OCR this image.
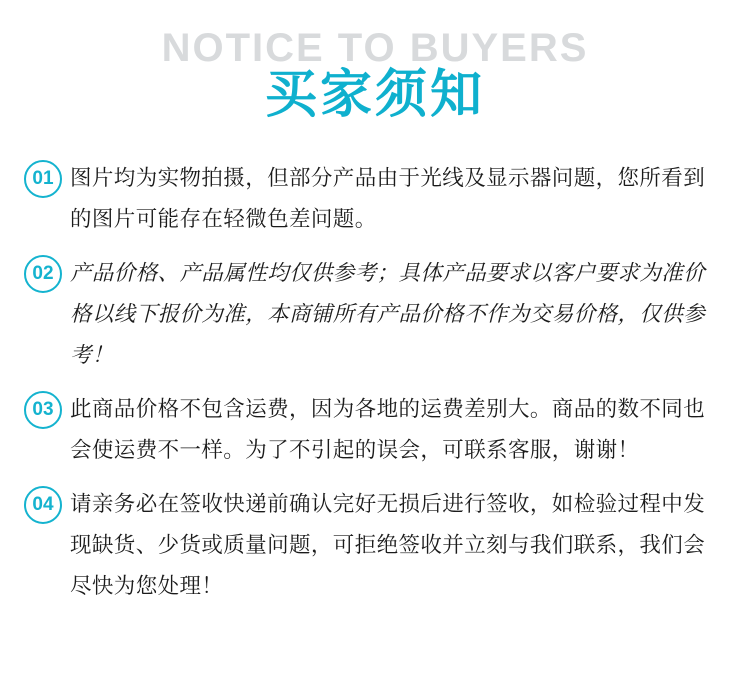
NOTICE TO BUYERS
买家须知
01 图片均为实物拍摄，但部分产品由于光线及显示器问题，您所看到的图片可能存在轻微色差问题。
02 产品价格、产品属性均仅供参考；具体产品要求以客户要求为准价格以线下报价为准，本商铺所有产品价格不作为交易价格，仅供参考！
03 此商品价格不包含运费，因为各地的运费差别大。商品的数不同也会使运费不一样。为了不引起的误会，可联系客服，谢谢！
04 请亲务必在签收快递前确认完好无损后进行签收，如检验过程中发现缺货、少货或质量问题，可拒绝签收并立刻与我们联系，我们会尽快为您处理！
